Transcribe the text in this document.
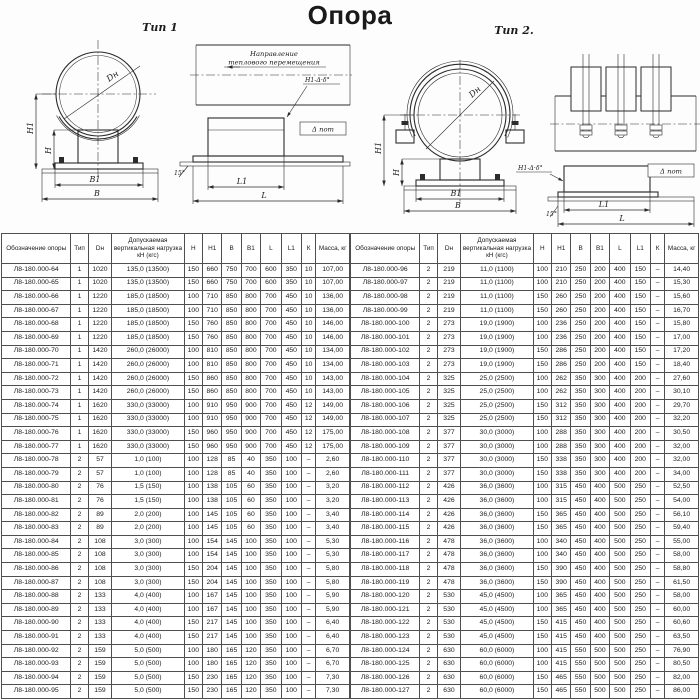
Опора
Тип 1
Dн
Н1
Н
В1
В
Направление
теплового перемещения
Н1-Δ·δ°
Δ пот
15°
L1
L
Тип 2.
Dн
Н1
Н
В1
В
Δ пот
Н1-Δ·δ°
15°
L1
L
Обозначение опоры	Тип	Dн	Допускаемая вертикальная нагрузка кН (кгс)	Н	Н1	В	В1	L	L1	К	Масса, кг
Л8-180.000-64	1	1020	135,0 (13500)	150	660	750	700	600	350	10	107,00
Л8-180.000-65	1	1020	135,0 (13500)	150	660	750	700	600	350	10	107,00
Л8-180.000-66	1	1220	185,0 (18500)	100	710	850	800	700	450	10	136,00
Л8-180.000-67	1	1220	185,0 (18500)	100	710	850	800	700	450	10	136,00
Л8-180.000-68	1	1220	185,0 (18500)	150	760	850	800	700	450	10	146,00
Л8-180.000-69	1	1220	185,0 (18500)	150	760	850	800	700	450	10	146,00
Л8-180.000-70	1	1420	260,0 (26000)	100	810	850	800	700	450	10	134,00
Л8-180.000-71	1	1420	260,0 (26000)	100	810	850	800	700	450	10	134,00
Л8-180.000-72	1	1420	260,0 (26000)	150	860	850	800	700	450	10	143,00
Л8-180.000-73	1	1420	260,0 (26000)	150	860	850	800	700	450	10	143,00
Л8-180.000-74	1	1620	330,0 (33000)	100	910	950	900	700	450	12	149,00
Л8-180.000-75	1	1620	330,0 (33000)	100	910	950	900	700	450	12	149,00
Л8-180.000-76	1	1620	330,0 (33000)	150	960	950	900	700	450	12	175,00
Л8-180.000-77	1	1620	330,0 (33000)	150	960	950	900	700	450	12	175,00
Л8-180.000-78	2	57	1,0 (100)	100	128	85	40	350	100	–	2,60
Л8-180.000-79	2	57	1,0 (100)	100	128	85	40	350	100	–	2,60
Л8-180.000-80	2	76	1,5 (150)	100	138	105	60	350	100	–	3,20
Л8-180.000-81	2	76	1,5 (150)	100	138	105	60	350	100	–	3,20
Л8-180.000-82	2	89	2,0 (200)	100	145	105	60	350	100	–	3,40
Л8-180.000-83	2	89	2,0 (200)	100	145	105	60	350	100	–	3,40
Л8-180.000-84	2	108	3,0 (300)	100	154	145	100	350	100	–	5,30
Л8-180.000-85	2	108	3,0 (300)	100	154	145	100	350	100	–	5,30
Л8-180.000-86	2	108	3,0 (300)	150	204	145	100	350	100	–	5,80
Л8-180.000-87	2	108	3,0 (300)	150	204	145	100	350	100	–	5,80
Л8-180.000-88	2	133	4,0 (400)	100	167	145	100	350	100	–	5,90
Л8-180.000-89	2	133	4,0 (400)	100	167	145	100	350	100	–	5,90
Л8-180.000-90	2	133	4,0 (400)	150	217	145	100	350	100	–	6,40
Л8-180.000-91	2	133	4,0 (400)	150	217	145	100	350	100	–	6,40
Л8-180.000-92	2	159	5,0 (500)	100	180	165	120	350	100	–	6,70
Л8-180.000-93	2	159	5,0 (500)	100	180	165	120	350	100	–	6,70
Л8-180.000-94	2	159	5,0 (500)	150	230	165	120	350	100	–	7,30
Л8-180.000-95	2	159	5,0 (500)	150	230	165	120	350	100	–	7,30
Обозначение опоры	Тип	Dн	Допускаемая вертикальная нагрузка кН (кгс)	Н	Н1	В	В1	L	L1	К	Масса, кг
Л8-180.000-96	2	219	11,0 (1100)	100	210	250	200	400	150	–	14,40
Л8-180.000-97	2	219	11,0 (1100)	100	210	250	200	400	150	–	15,30
Л8-180.000-98	2	219	11,0 (1100)	150	260	250	200	400	150	–	15,60
Л8-180.000-99	2	219	11,0 (1100)	150	260	250	200	400	150	–	16,70
Л8-180.000-100	2	273	19,0 (1900)	100	236	250	200	400	150	–	15,80
Л8-180.000-101	2	273	19,0 (1900)	100	236	250	200	400	150	–	17,00
Л8-180.000-102	2	273	19,0 (1900)	150	286	250	200	400	150	–	17,20
Л8-180.000-103	2	273	19,0 (1900)	150	286	250	200	400	150	–	18,40
Л8-180.000-104	2	325	25,0 (2500)	100	262	350	300	400	200	–	27,60
Л8-180.000-105	2	325	25,0 (2500)	100	262	350	300	400	200	–	30,10
Л8-180.000-106	2	325	25,0 (2500)	150	312	350	300	400	200	–	29,70
Л8-180.000-107	2	325	25,0 (2500)	150	312	350	300	400	200	–	32,20
Л8-180.000-108	2	377	30,0 (3000)	100	288	350	300	400	200	–	30,50
Л8-180.000-109	2	377	30,0 (3000)	100	288	350	300	400	200	–	32,00
Л8-180.000-110	2	377	30,0 (3000)	150	338	350	300	400	200	–	32,00
Л8-180.000-111	2	377	30,0 (3000)	150	338	350	300	400	200	–	34,00
Л8-180.000-112	2	426	36,0 (3600)	100	315	450	400	500	250	–	52,50
Л8-180.000-113	2	426	36,0 (3600)	100	315	450	400	500	250	–	54,00
Л8-180.000-114	2	426	36,0 (3600)	150	365	450	400	500	250	–	56,10
Л8-180.000-115	2	426	36,0 (3600)	150	365	450	400	500	250	–	59,40
Л8-180.000-116	2	478	36,0 (3600)	100	340	450	400	500	250	–	55,00
Л8-180.000-117	2	478	36,0 (3600)	100	340	450	400	500	250	–	58,00
Л8-180.000-118	2	478	36,0 (3600)	150	390	450	400	500	250	–	58,80
Л8-180.000-119	2	478	36,0 (3600)	150	390	450	400	500	250	–	61,50
Л8-180.000-120	2	530	45,0 (4500)	100	365	450	400	500	250	–	58,00
Л8-180.000-121	2	530	45,0 (4500)	100	365	450	400	500	250	–	60,00
Л8-180.000-122	2	530	45,0 (4500)	150	415	450	400	500	250	–	60,60
Л8-180.000-123	2	530	45,0 (4500)	150	415	450	400	500	250	–	63,50
Л8-180.000-124	2	630	60,0 (6000)	100	415	550	500	500	250	–	76,90
Л8-180.000-125	2	630	60,0 (6000)	100	415	550	500	500	250	–	80,50
Л8-180.000-126	2	630	60,0 (6000)	150	465	550	500	500	250	–	82,00
Л8-180.000-127	2	630	60,0 (6000)	150	465	550	500	500	250	–	86,00
